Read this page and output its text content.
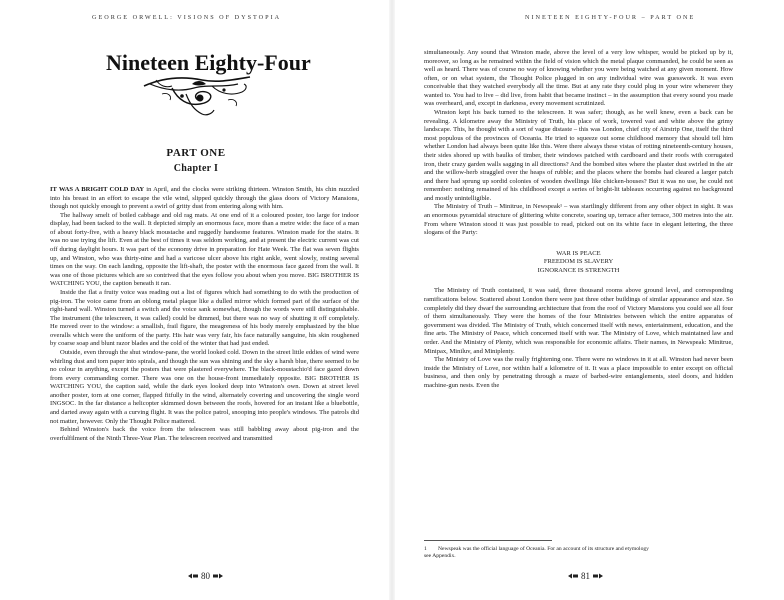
GEORGE ORWELL: VISIONS OF DYSTOPIA
Nineteen Eighty-Four
PART ONE
Chapter I

IT WAS A BRIGHT COLD DAY in April, and the clocks were striking thirteen. Winston Smith, his chin nuzzled into his breast in an effort to escape the vile wind, slipped quickly through the glass doors of Victory Mansions, though not quickly enough to prevent a swirl of gritty dust from entering along with him.

The hallway smelt of boiled cabbage and old rag mats. At one end of it a coloured poster, too large for indoor display, had been tacked to the wall. It depicted simply an enormous face, more than a metre wide: the face of a man of about forty-five, with a heavy black moustache and ruggedly handsome features. Winston made for the stairs. It was no use trying the lift. Even at the best of times it was seldom working, and at present the electric current was cut off during daylight hours. It was part of the economy drive in preparation for Hate Week. The flat was seven flights up, and Winston, who was thirty-nine and had a varicose ulcer above his right ankle, went slowly, resting several times on the way. On each landing, opposite the lift-shaft, the poster with the enormous face gazed from the wall. It was one of those pictures which are so contrived that the eyes follow you about when you move. BIG BROTHER IS WATCHING YOU, the caption beneath it ran.

Inside the flat a fruity voice was reading out a list of figures which had something to do with the production of pig-iron. The voice came from an oblong metal plaque like a dulled mirror which formed part of the surface of the right-hand wall. Winston turned a switch and the voice sank somewhat, though the words were still distinguishable. The instrument (the telescreen, it was called) could be dimmed, but there was no way of shutting it off completely. He moved over to the window: a smallish, frail figure, the meagreness of his body merely emphasized by the blue overalls which were the uniform of the party. His hair was very fair, his face naturally sanguine, his skin roughened by coarse soap and blunt razor blades and the cold of the winter that had just ended.

Outside, even through the shut window-pane, the world looked cold. Down in the street little eddies of wind were whirling dust and torn paper into spirals, and though the sun was shining and the sky a harsh blue, there seemed to be no colour in anything, except the posters that were plastered everywhere. The black-moustachio'd face gazed down from every commanding corner. There was one on the house-front immediately opposite. BIG BROTHER IS WATCHING YOU, the caption said, while the dark eyes looked deep into Winston's own. Down at street level another poster, torn at one corner, flapped fitfully in the wind, alternately covering and uncovering the single word INGSOC. In the far distance a helicopter skimmed down between the roofs, hovered for an instant like a bluebottle, and darted away again with a curving flight. It was the police patrol, snooping into people's windows. The patrols did not matter, however. Only the Thought Police mattered.

Behind Winston's back the voice from the telescreen was still babbling away about pig-iron and the overfulfilment of the Ninth Three-Year Plan. The telescreen received and transmitted

80
NINETEEN EIGHTY-FOUR – PART ONE

simultaneously. Any sound that Winston made, above the level of a very low whisper, would be picked up by it, moreover, so long as he remained within the field of vision which the metal plaque commanded, he could be seen as well as heard. There was of course no way of knowing whether you were being watched at any given moment. How often, or on what system, the Thought Police plugged in on any individual wire was guesswork. It was even conceivable that they watched everybody all the time. But at any rate they could plug in your wire whenever they wanted to. You had to live – did live, from habit that became instinct – in the assumption that every sound you made was overheard, and, except in darkness, every movement scrutinized.

Winston kept his back turned to the telescreen. It was safer; though, as he well knew, even a back can be revealing. A kilometre away the Ministry of Truth, his place of work, towered vast and white above the grimy landscape. This, he thought with a sort of vague distaste – this was London, chief city of Airstrip One, itself the third most populous of the provinces of Oceania. He tried to squeeze out some childhood memory that should tell him whether London had always been quite like this. Were there always these vistas of rotting nineteenth-century houses, their sides shored up with baulks of timber, their windows patched with cardboard and their roofs with corrugated iron, their crazy garden walls sagging in all directions? And the bombed sites where the plaster dust swirled in the air and the willow-herb straggled over the heaps of rubble; and the places where the bombs had cleared a larger patch and there had sprung up sordid colonies of wooden dwellings like chicken-houses? But it was no use, he could not remember: nothing remained of his childhood except a series of bright-lit tableaux occurring against no background and mostly unintelligible.

The Ministry of Truth – Minitrue, in Newspeak¹ – was startlingly different from any other object in sight. It was an enormous pyramidal structure of glittering white concrete, soaring up, terrace after terrace, 300 metres into the air. From where Winston stood it was just possible to read, picked out on its white face in elegant lettering, the three slogans of the Party:

WAR IS PEACE
FREEDOM IS SLAVERY
IGNORANCE IS STRENGTH

The Ministry of Truth contained, it was said, three thousand rooms above ground level, and corresponding ramifications below. Scattered about London there were just three other buildings of similar appearance and size. So completely did they dwarf the surrounding architecture that from the roof of Victory Mansions you could see all four of them simultaneously. They were the homes of the four Ministries between which the entire apparatus of government was divided. The Ministry of Truth, which concerned itself with news, entertainment, education, and the fine arts. The Ministry of Peace, which concerned itself with war. The Ministry of Love, which maintained law and order. And the Ministry of Plenty, which was responsible for economic affairs. Their names, in Newspeak: Minitrue, Minipax, Miniluv, and Miniplenty.

The Ministry of Love was the really frightening one. There were no windows in it at all. Winston had never been inside the Ministry of Love, nor within half a kilometre of it. It was a place impossible to enter except on official business, and then only by penetrating through a maze of barbed-wire entanglements, steel doors, and hidden machine-gun nests. Even the

1  Newspeak was the official language of Oceania. For an account of its structure and etymology
see Appendix.
81
